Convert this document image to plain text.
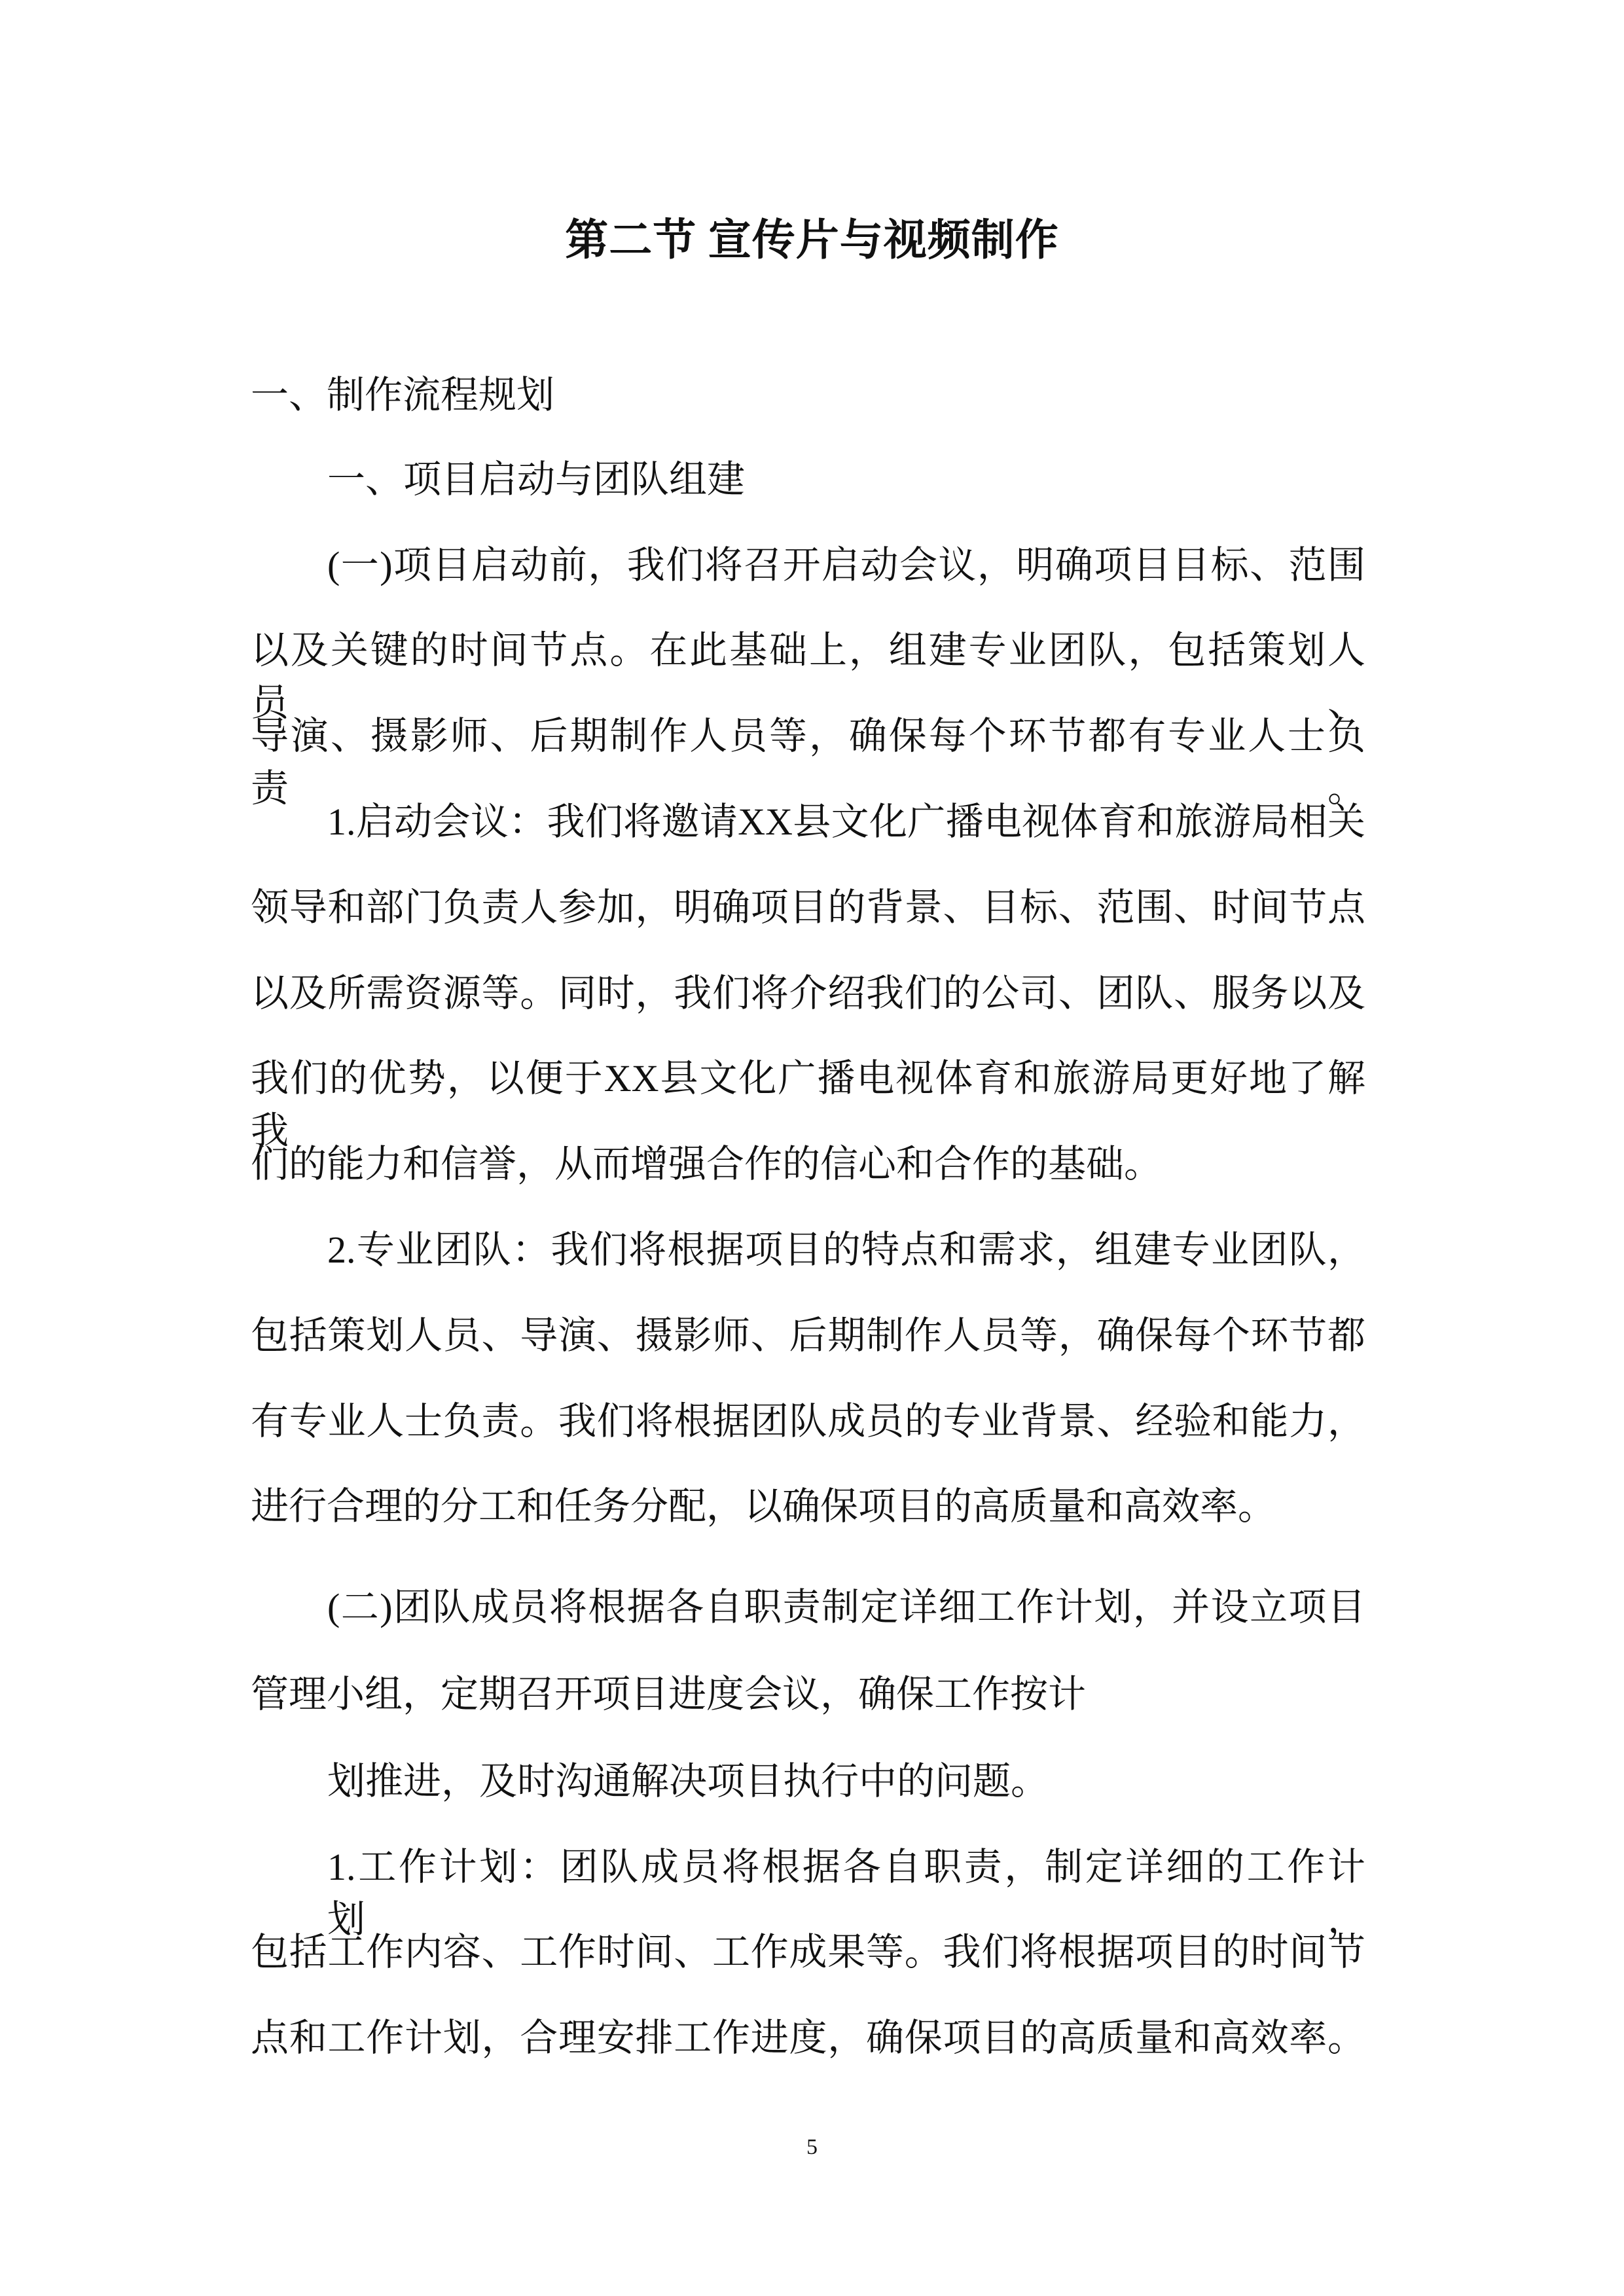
第二节 宣传片与视频制作
一、制作流程规划
一、项目启动与团队组建
(一)项目启动前，我们将召开启动会议，明确项目目标、范围
以及关键的时间节点。在此基础上，组建专业团队，包括策划人员、
导演、摄影师、后期制作人员等，确保每个环节都有专业人士负责。
1.启动会议：我们将邀请XX县文化广播电视体育和旅游局相关
领导和部门负责人参加，明确项目的背景、目标、范围、时间节点
以及所需资源等。同时，我们将介绍我们的公司、团队、服务以及
我们的优势，以便于XX县文化广播电视体育和旅游局更好地了解我
们的能力和信誉，从而增强合作的信心和合作的基础。
2.专业团队：我们将根据项目的特点和需求，组建专业团队，
包括策划人员、导演、摄影师、后期制作人员等，确保每个环节都
有专业人士负责。我们将根据团队成员的专业背景、经验和能力，
进行合理的分工和任务分配，以确保项目的高质量和高效率。
(二)团队成员将根据各自职责制定详细工作计划，并设立项目
管理小组，定期召开项目进度会议，确保工作按计
划推进，及时沟通解决项目执行中的问题。
1.工作计划：团队成员将根据各自职责，制定详细的工作计划，
包括工作内容、工作时间、工作成果等。我们将根据项目的时间节
点和工作计划，合理安排工作进度，确保项目的高质量和高效率。
5
